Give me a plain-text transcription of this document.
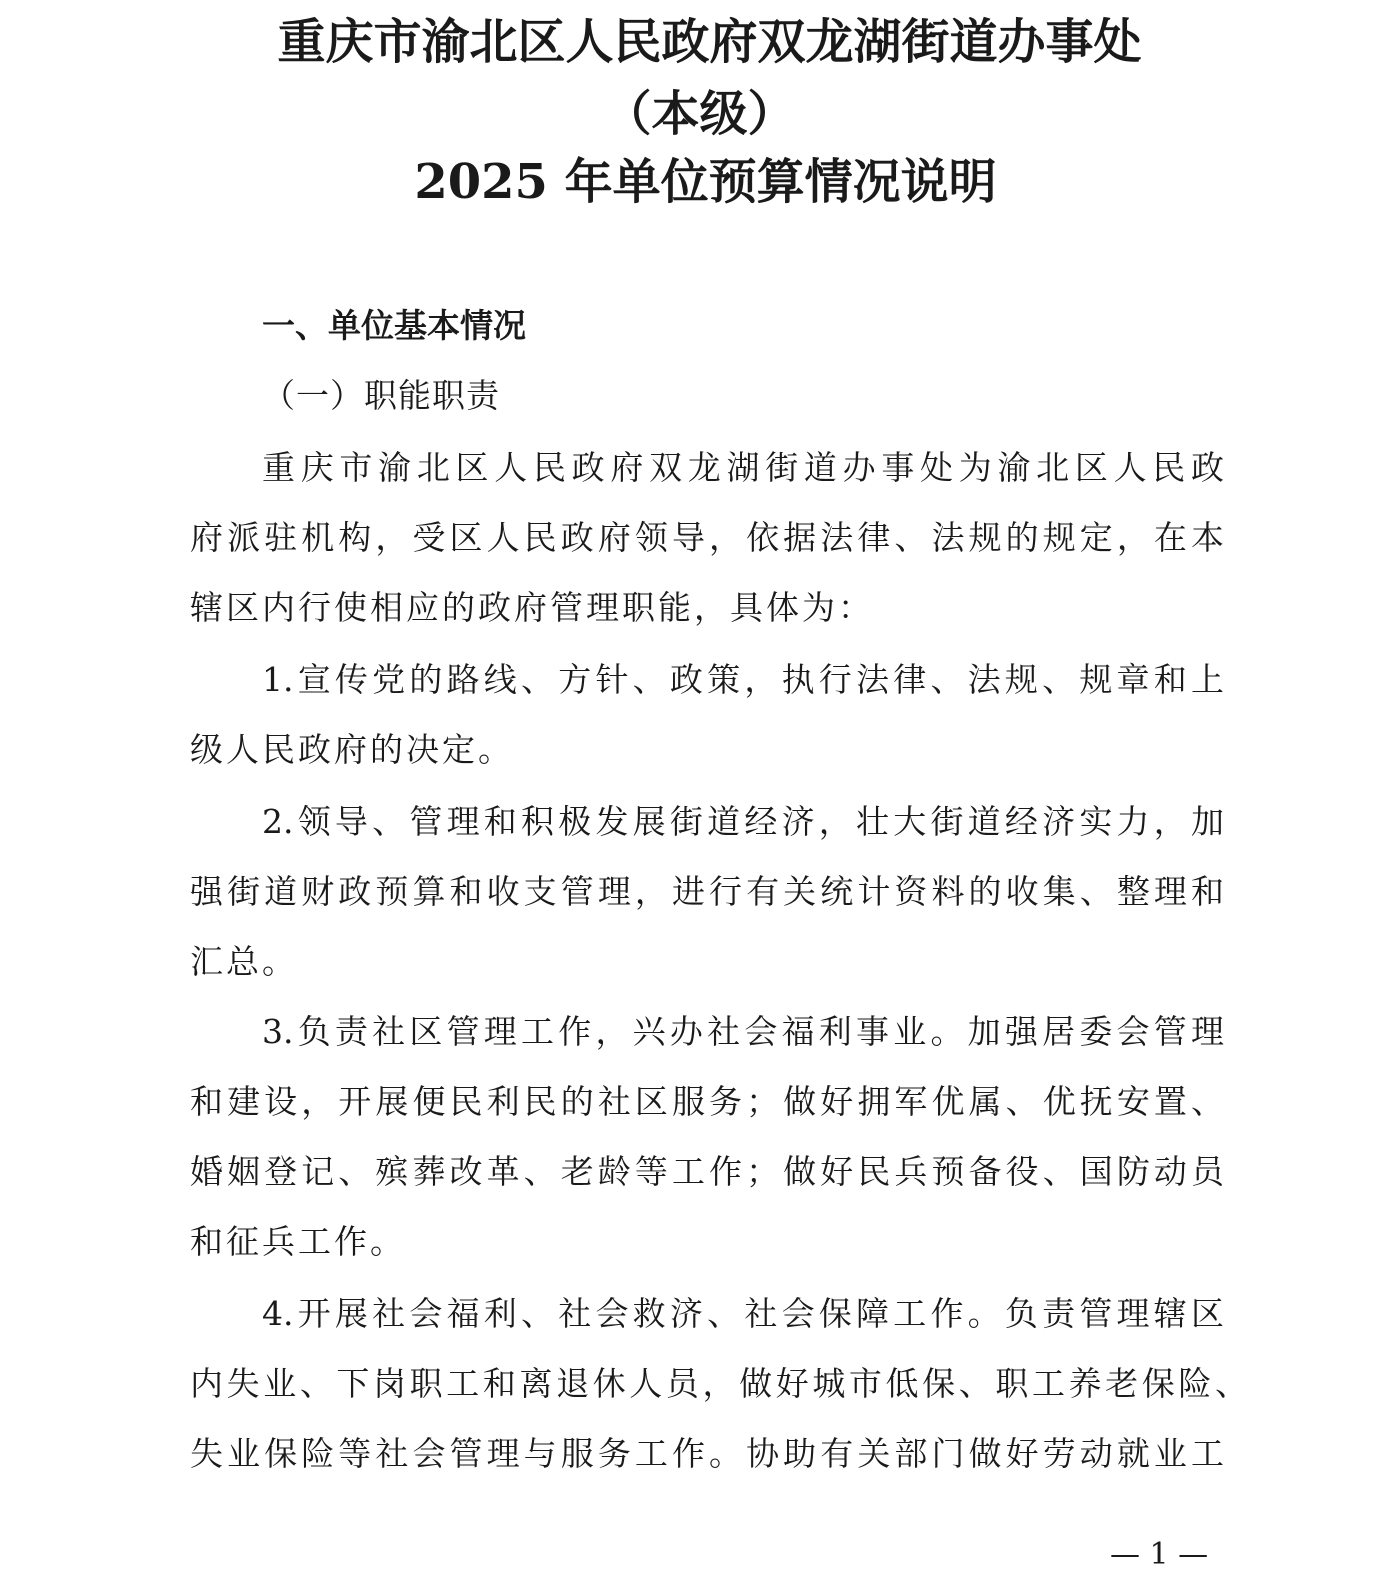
重庆市渝北区人民政府双龙湖街道办事处
（本级）
2025 年单位预算情况说明
一、单位基本情况
（一）职能职责
重庆市渝北区人民政府双龙湖街道办事处为渝北区人民政
府派驻机构，受区人民政府领导，依据法律、法规的规定，在本
辖区内行使相应的政府管理职能，具体为：
1.宣传党的路线、方针、政策，执行法律、法规、规章和上
级人民政府的决定。
2.领导、管理和积极发展街道经济，壮大街道经济实力，加
强街道财政预算和收支管理，进行有关统计资料的收集、整理和
汇总。
3.负责社区管理工作，兴办社会福利事业。加强居委会管理
和建设，开展便民利民的社区服务；做好拥军优属、优抚安置、
婚姻登记、殡葬改革、老龄等工作；做好民兵预备役、国防动员
和征兵工作。
4.开展社会福利、社会救济、社会保障工作。负责管理辖区
内失业、下岗职工和离退休人员，做好城市低保、职工养老保险、
失业保险等社会管理与服务工作。协助有关部门做好劳动就业工
— 1 —
